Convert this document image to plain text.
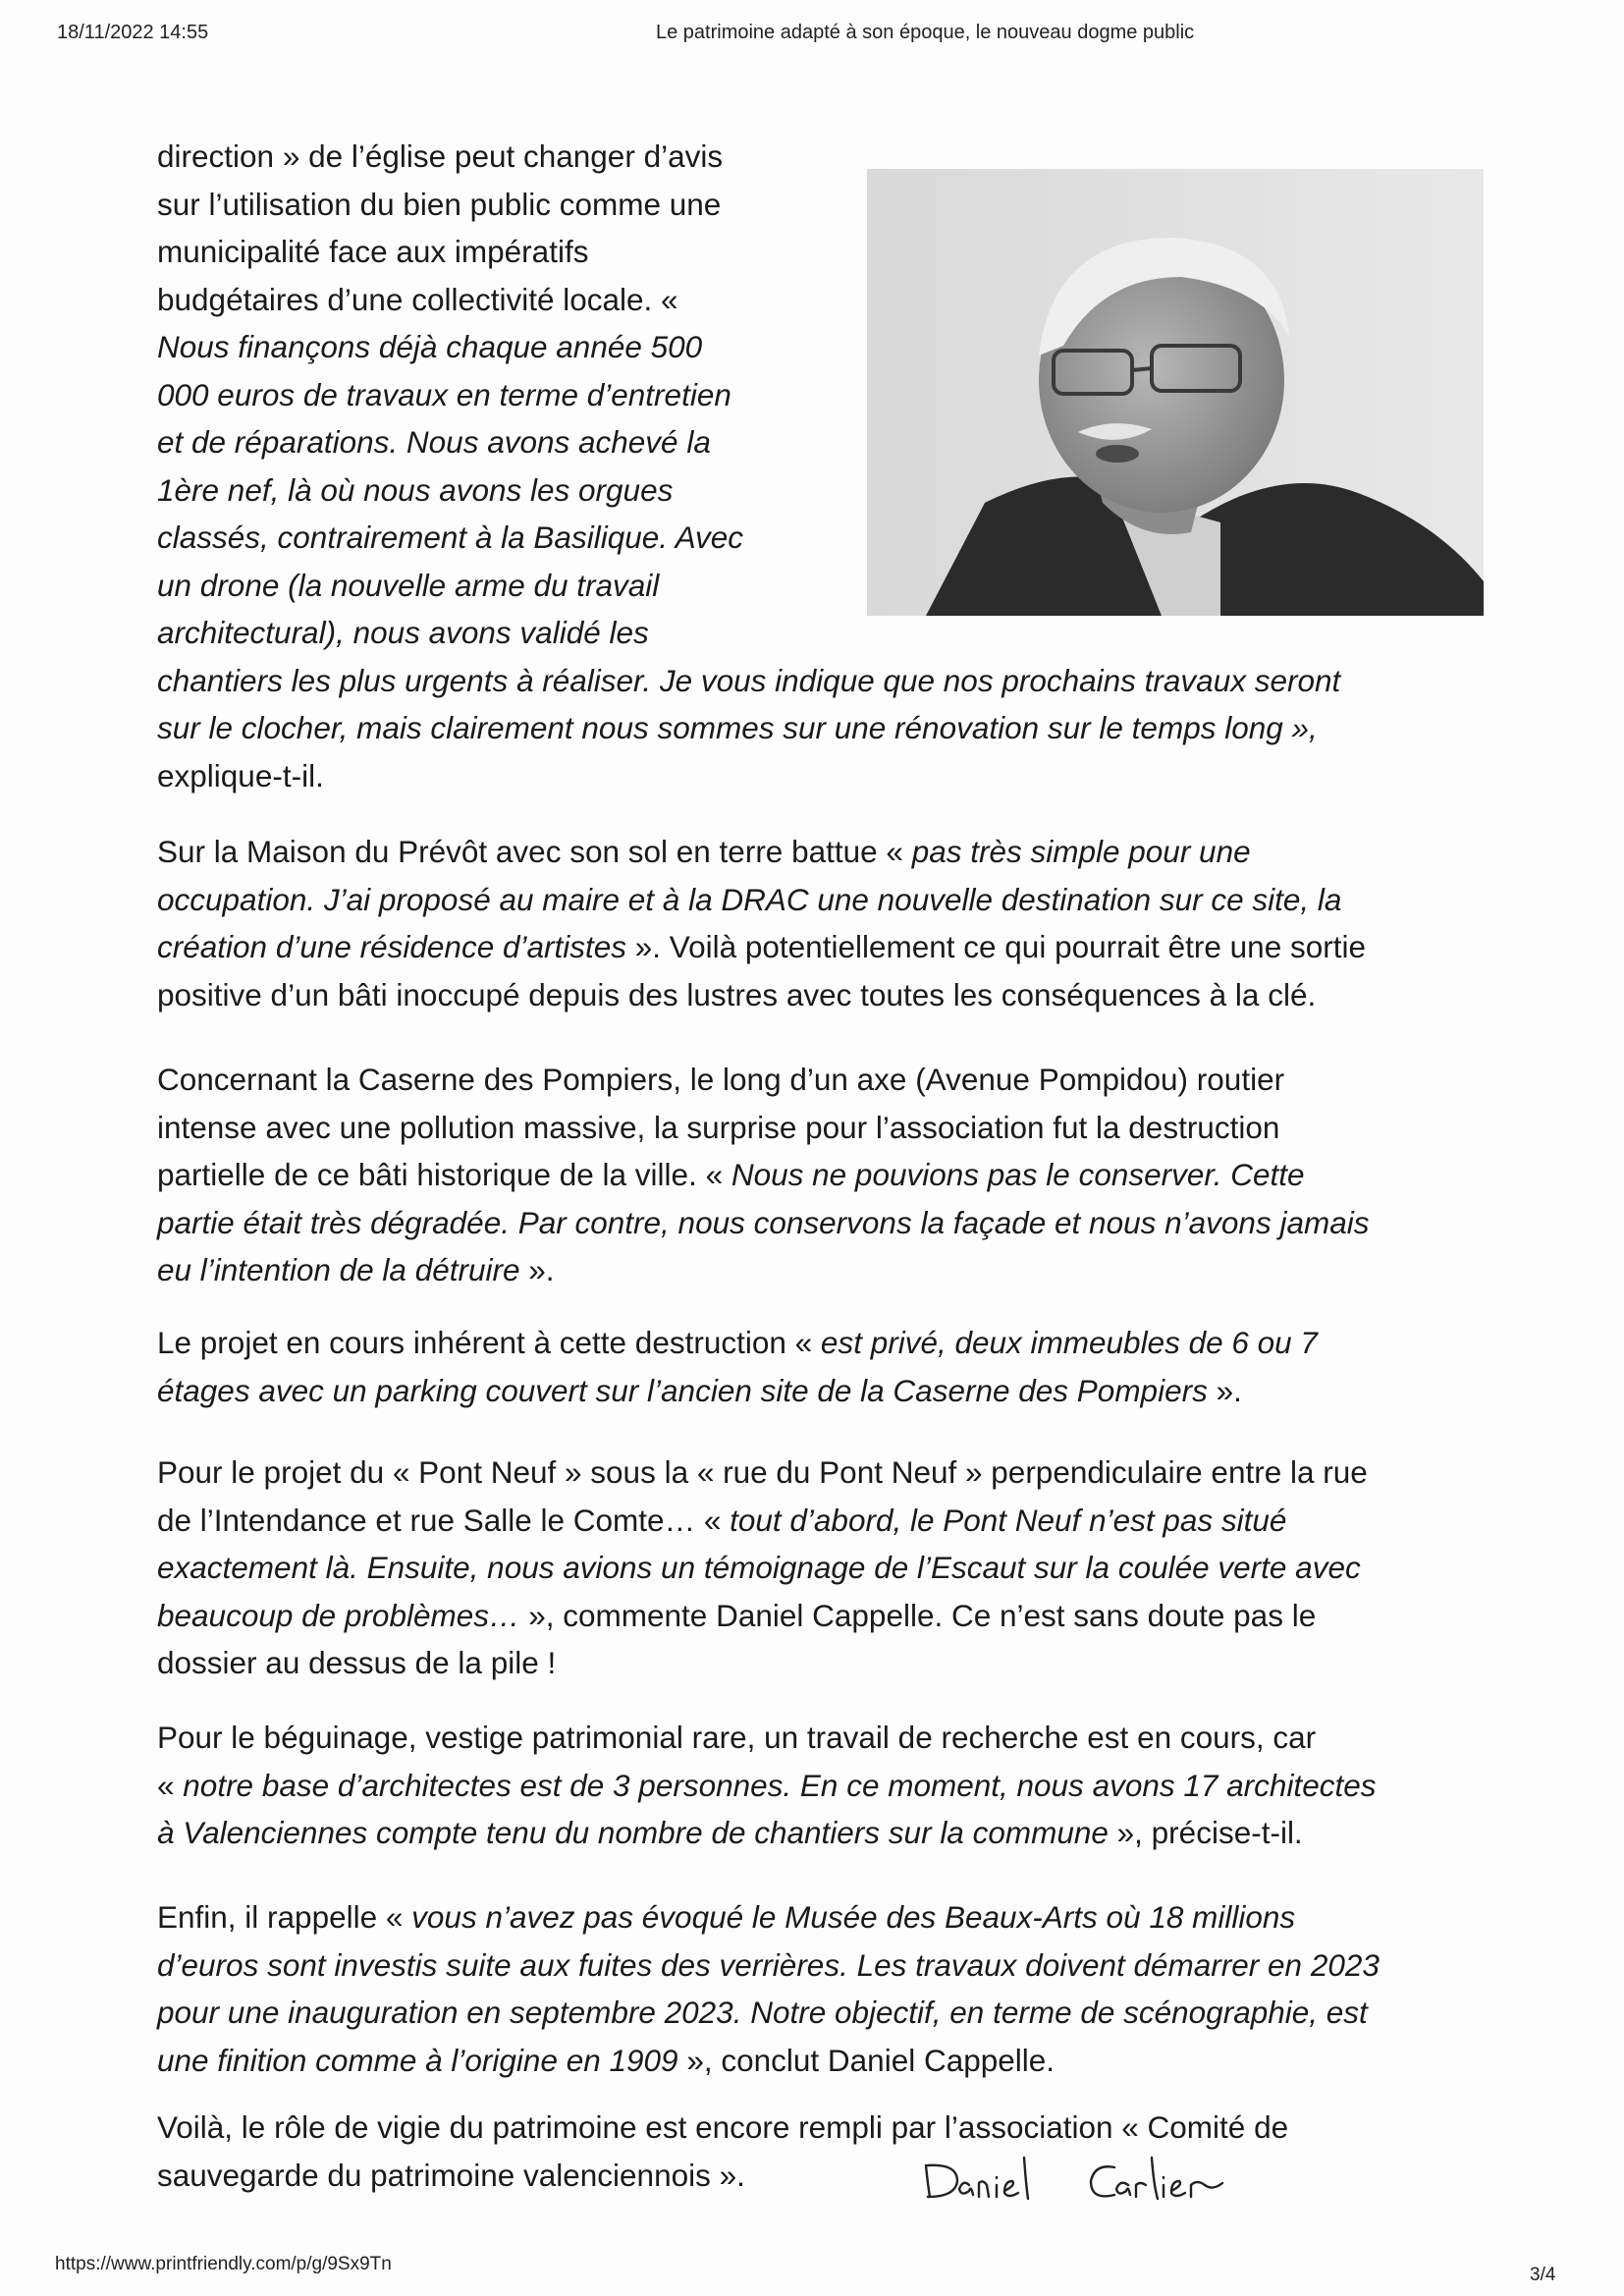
18/11/2022 14:55	Le patrimoine adapté à son époque, le nouveau dogme public

direction » de l’église peut changer d’avis

sur l’utilisation du bien public comme une

municipalité face aux impératifs

budgétaires d’une collectivité locale. «

Nous finançons déjà chaque année 500

000 euros de travaux en terme d’entretien

et de réparations. Nous avons achevé la

1ère nef, là où nous avons les orgues

classés, contrairement à la Basilique. Avec

un drone (la nouvelle arme du travail

architectural), nous avons validé les

chantiers les plus urgents à réaliser. Je vous indique que nos prochains travaux seront

sur le clocher, mais clairement nous sommes sur une rénovation sur le temps long »,

explique-t-il.

Sur la Maison du Prévôt avec son sol en terre battue « pas très simple pour une

occupation. J’ai proposé au maire et à la DRAC une nouvelle destination sur ce site, la

création d’une résidence d’artistes ». Voilà potentiellement ce qui pourrait être une sortie

positive d’un bâti inoccupé depuis des lustres avec toutes les conséquences à la clé.

Concernant la Caserne des Pompiers, le long d’un axe (Avenue Pompidou) routier

intense avec une pollution massive, la surprise pour l’association fut la destruction

partielle de ce bâti historique de la ville. « Nous ne pouvions pas le conserver. Cette

partie était très dégradée. Par contre, nous conservons la façade et nous n’avons jamais

eu l’intention de la détruire ».

Le projet en cours inhérent à cette destruction « est privé, deux immeubles de 6 ou 7

étages avec un parking couvert sur l’ancien site de la Caserne des Pompiers ».

Pour le projet du « Pont Neuf » sous la « rue du Pont Neuf » perpendiculaire entre la rue

de l’Intendance et rue Salle le Comte… « tout d’abord, le Pont Neuf n’est pas situé

exactement là. Ensuite, nous avions un témoignage de l’Escaut sur la coulée verte avec

beaucoup de problèmes… », commente Daniel Cappelle. Ce n’est sans doute pas le

dossier au dessus de la pile !

Pour le béguinage, vestige patrimonial rare, un travail de recherche est en cours, car

« notre base d’architectes est de 3 personnes. En ce moment, nous avons 17 architectes

à Valenciennes compte tenu du nombre de chantiers sur la commune », précise-t-il.

Enfin, il rappelle « vous n’avez pas évoqué le Musée des Beaux-Arts où 18 millions

d’euros sont investis suite aux fuites des verrières. Les travaux doivent démarrer en 2023

pour une inauguration en septembre 2023. Notre objectif, en terme de scénographie, est

une finition comme à l’origine en 1909 », conclut Daniel Cappelle.

Voilà, le rôle de vigie du patrimoine est encore rempli par l’association « Comité de

sauvegarde du patrimoine valenciennois ».

https://www.printfriendly.com/p/g/9Sx9Tn
3/4
